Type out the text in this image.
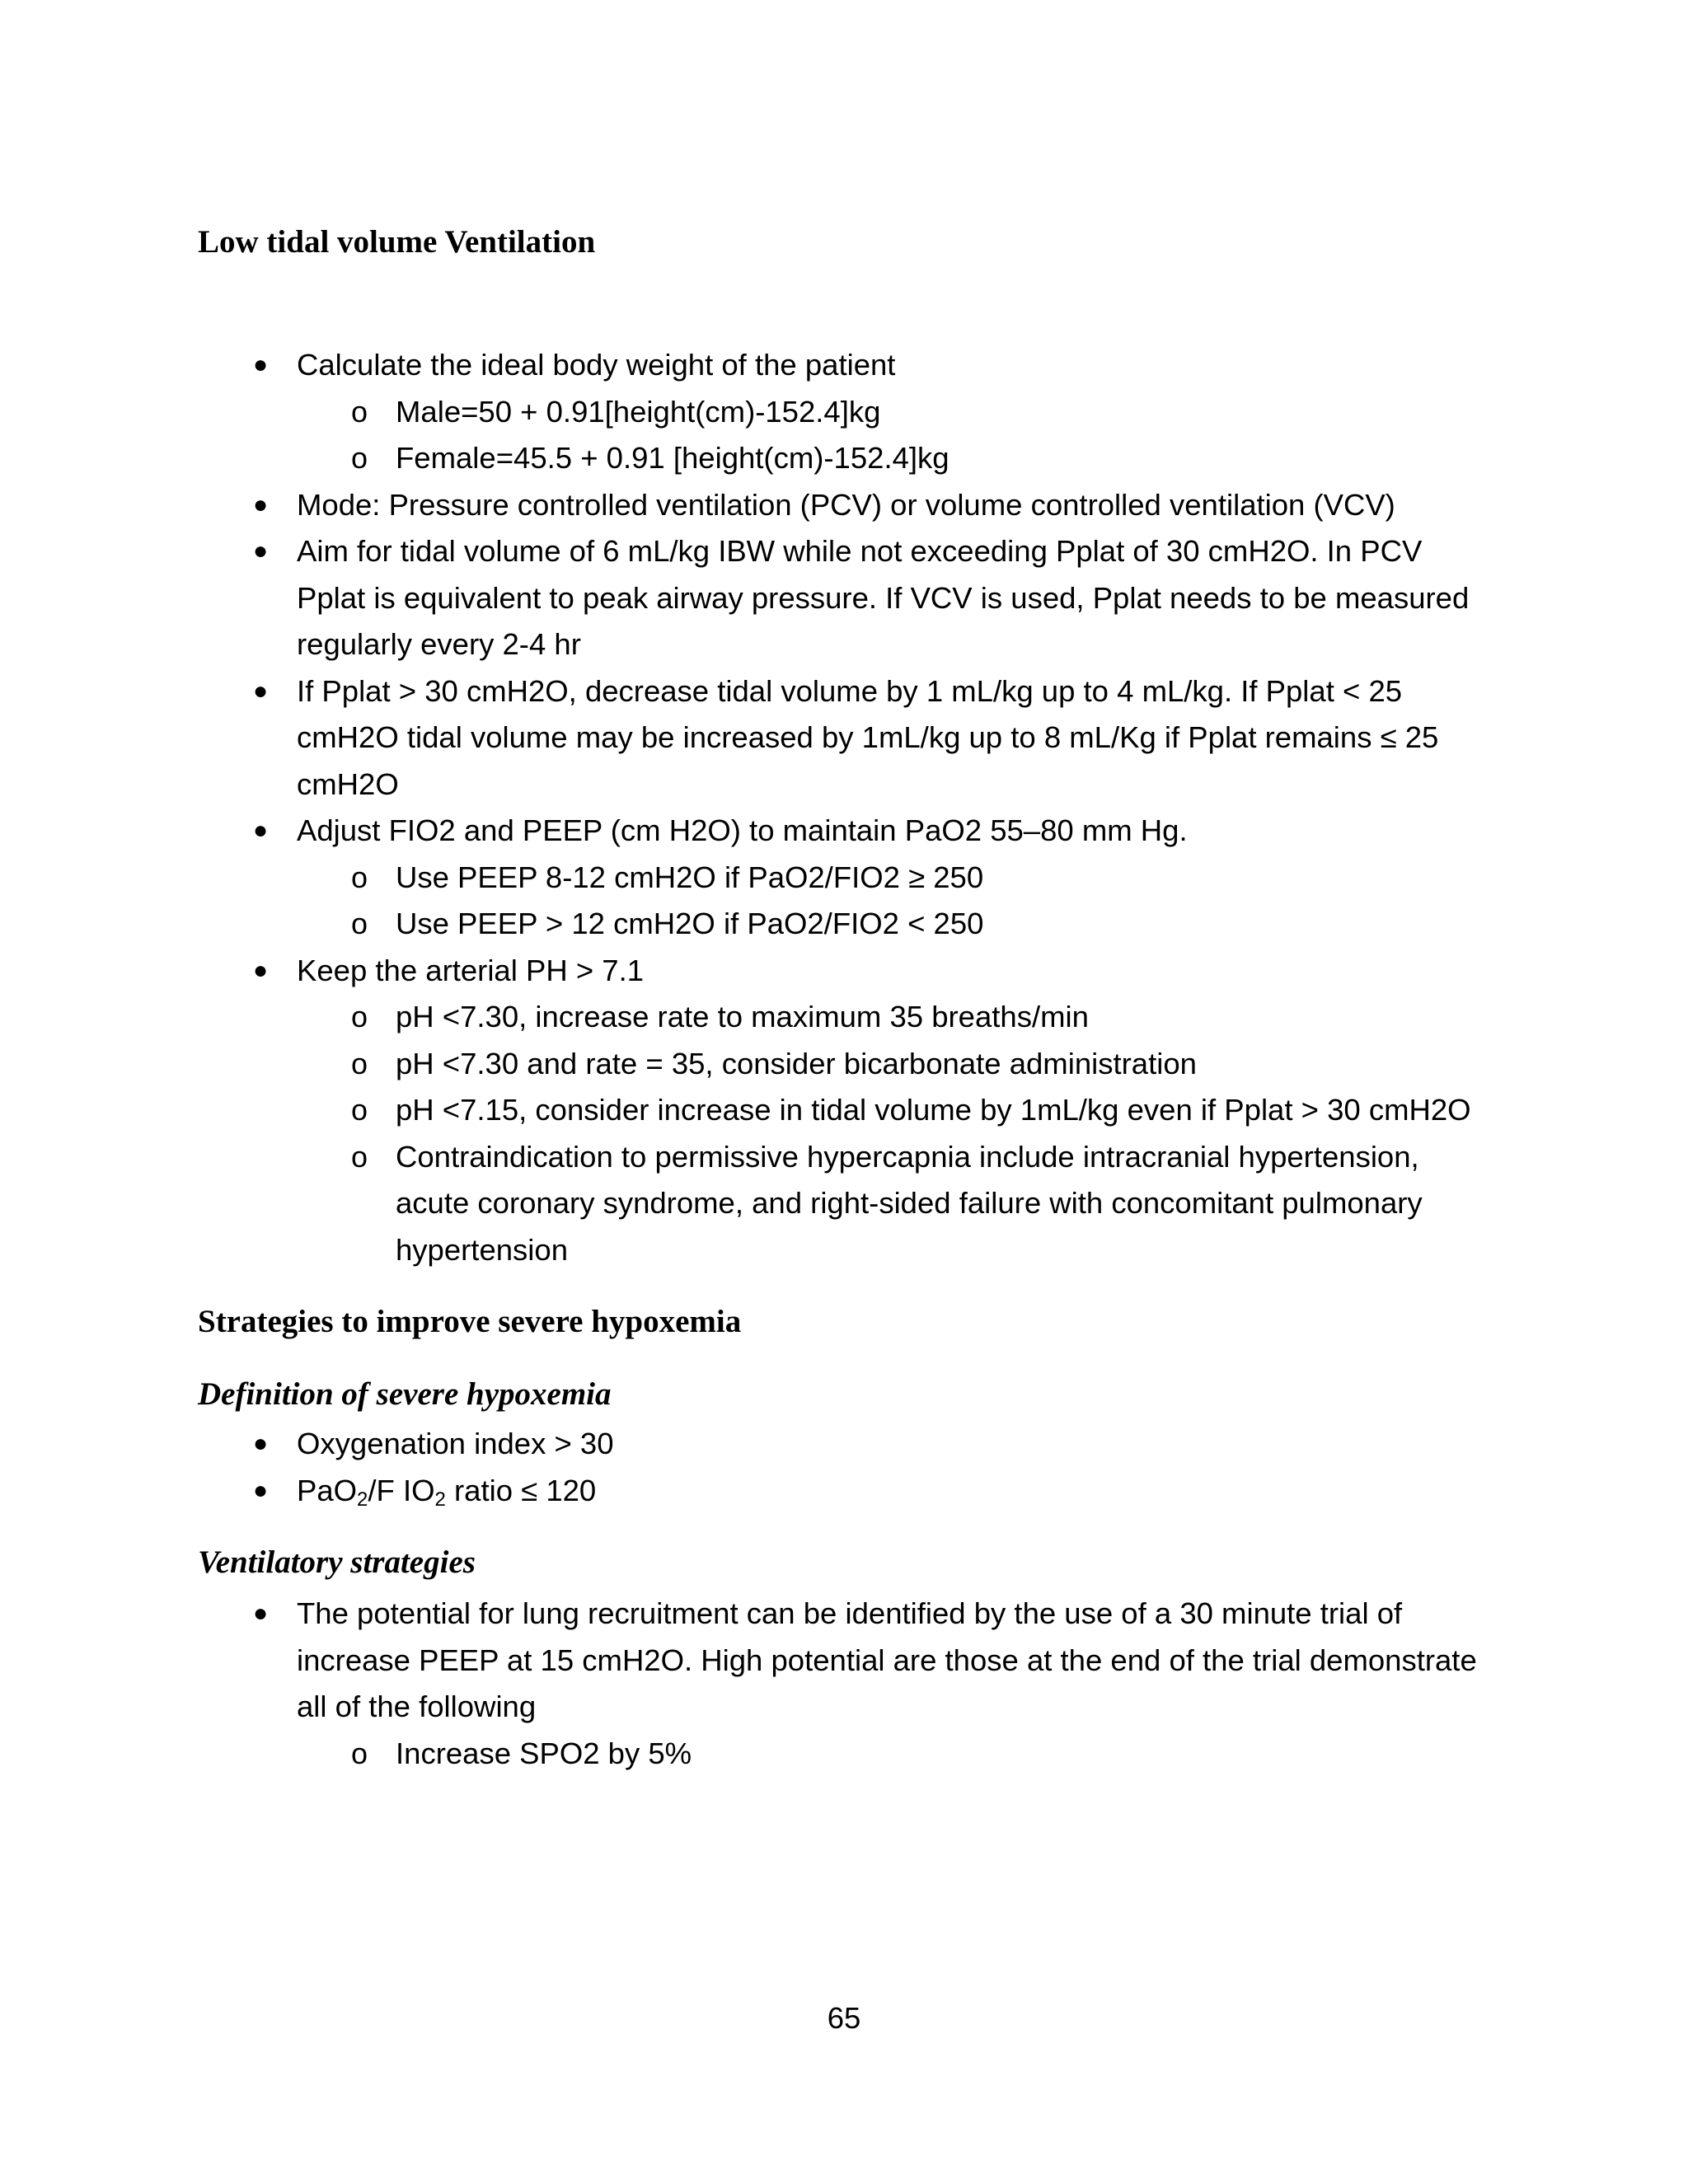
Low tidal volume Ventilation
● Calculate the ideal body weight of the patient
o Male=50 + 0.91[height(cm)-152.4]kg
o Female=45.5 + 0.91 [height(cm)-152.4]kg
● Mode: Pressure controlled ventilation (PCV) or volume controlled ventilation (VCV)
● Aim for tidal volume of 6 mL/kg IBW while not exceeding Pplat of 30 cmH2O. In PCV
Pplat is equivalent to peak airway pressure. If VCV is used, Pplat needs to be measured
regularly every 2-4 hr
● If Pplat > 30 cmH2O, decrease tidal volume by 1 mL/kg up to 4 mL/kg. If Pplat < 25
cmH2O tidal volume may be increased by 1mL/kg up to 8 mL/Kg if Pplat remains ≤ 25
cmH2O
● Adjust FIO2 and PEEP (cm H2O) to maintain PaO2 55–80 mm Hg.
o Use PEEP 8-12 cmH2O if PaO2/FIO2 ≥ 250
o Use PEEP > 12 cmH2O if PaO2/FIO2 < 250
● Keep the arterial PH > 7.1
o pH <7.30, increase rate to maximum 35 breaths/min
o pH <7.30 and rate = 35, consider bicarbonate administration
o pH <7.15, consider increase in tidal volume by 1mL/kg even if Pplat > 30 cmH2O
o Contraindication to permissive hypercapnia include intracranial hypertension,
acute coronary syndrome, and right-sided failure with concomitant pulmonary
hypertension
Strategies to improve severe hypoxemia
Definition of severe hypoxemia
● Oxygenation index > 30
● PaO$_2$/F $IO_2$ ratio ≤ 120
Ventilatory strategies
● The potential for lung recruitment can be identified by the use of a 30 minute trial of
increase PEEP at 15 cmH2O. High potential are those at the end of the trial demonstrate
all of the following
o Increase SPO2 by 5%
65
